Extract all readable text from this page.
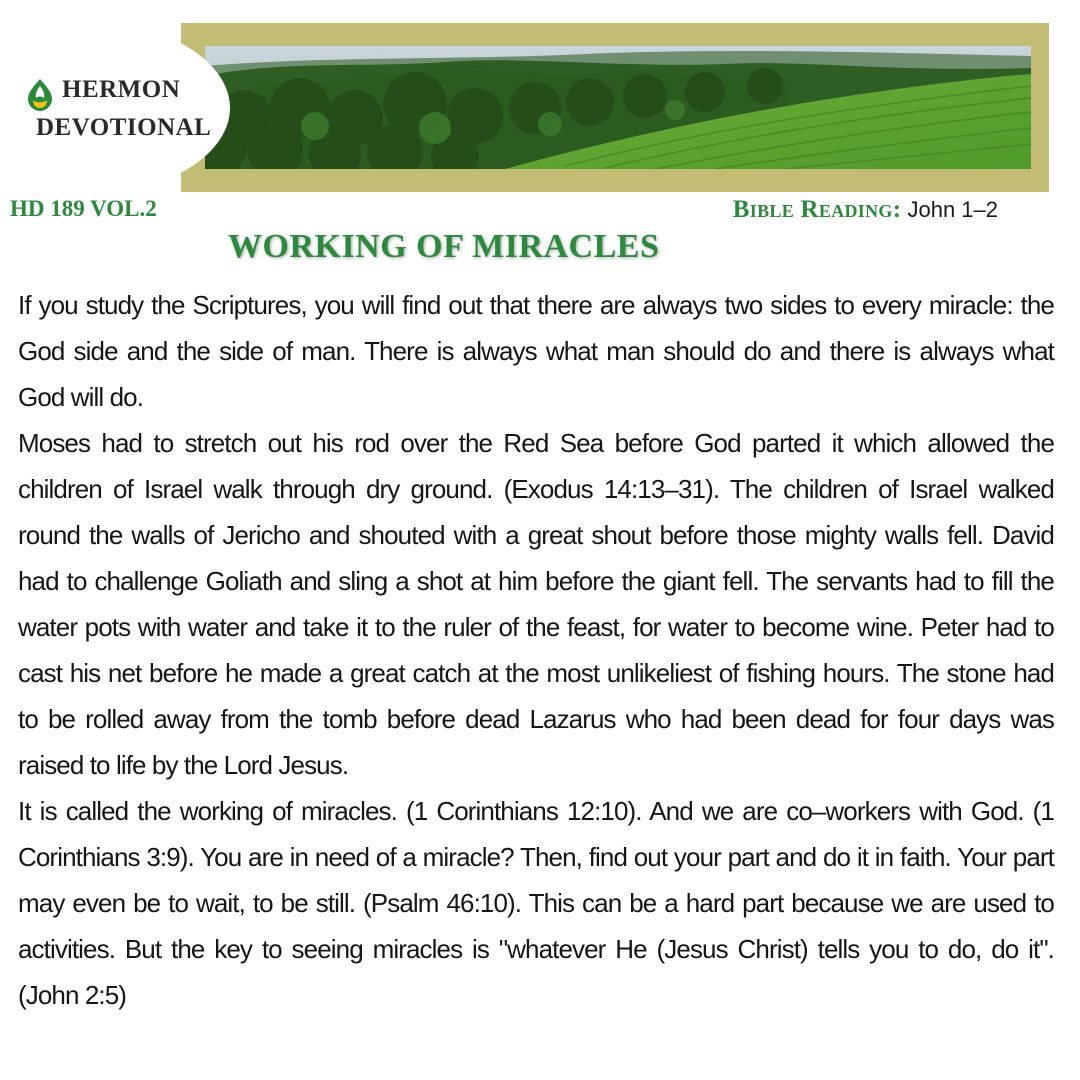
HERMON
DEVOTIONAL
HD 189 VOL.2	Bible Reading: John 1–2
WORKING OF MIRACLES

If you study the Scriptures, you will find out that there are always two sides to every miracle: the God side and the side of man. There is always what man should do and there is always what God will do.

Moses had to stretch out his rod over the Red Sea before God parted it which allowed the children of Israel walk through dry ground. (Exodus 14:13–31). The children of Israel walked round the walls of Jericho and shouted with a great shout before those mighty walls fell. David had to challenge Goliath and sling a shot at him before the giant fell. The servants had to fill the water pots with water and take it to the ruler of the feast, for water to become wine. Peter had to cast his net before he made a great catch at the most unlikeliest of fishing hours. The stone had to be rolled away from the tomb before dead Lazarus who had been dead for four days was raised to life by the Lord Jesus.

It is called the working of miracles. (1 Corinthians 12:10). And we are co–workers with God. (1 Corinthians 3:9). You are in need of a miracle? Then, find out your part and do it in faith. Your part may even be to wait, to be still. (Psalm 46:10). This can be a hard part because we are used to activities. But the key to seeing miracles is "whatever He (Jesus Christ) tells you to do, do it". (John 2:5)
